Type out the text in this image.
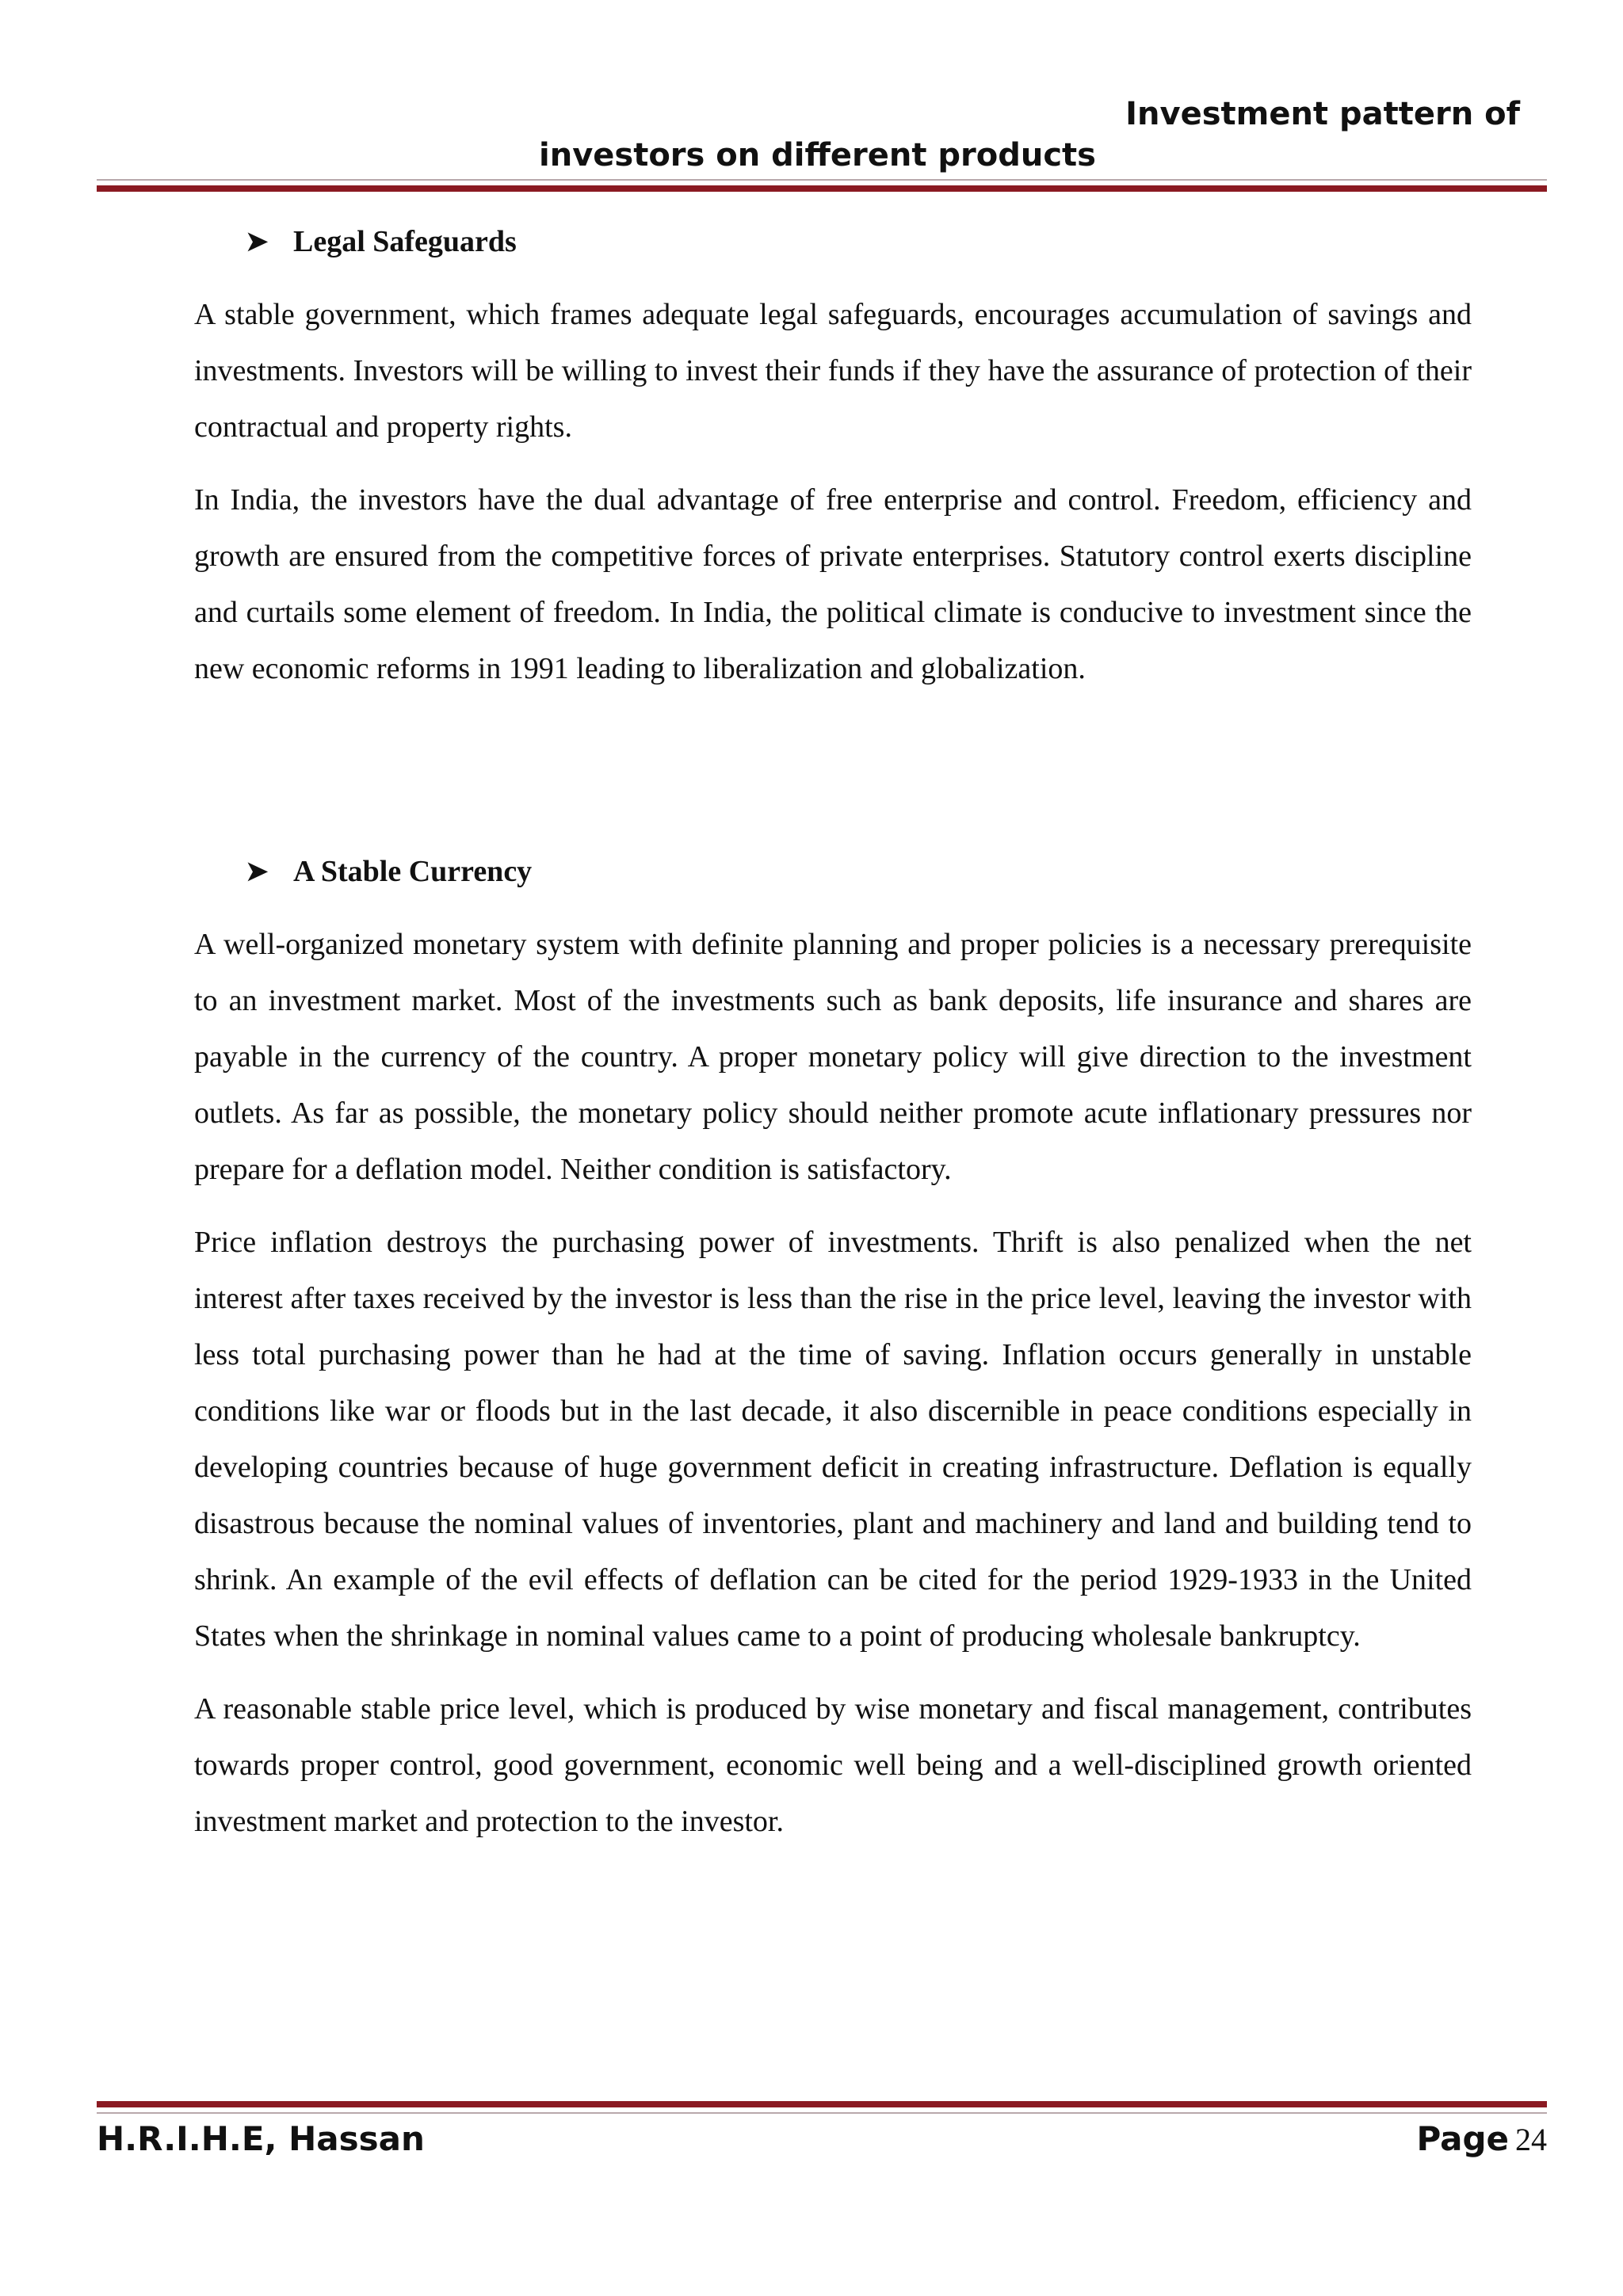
Investment pattern of
investors on different products
➤ Legal Safeguards

A stable government, which frames adequate legal safeguards, encourages accumulation of savings and investments. Investors will be willing to invest their funds if they have the assurance of protection of their contractual and property rights.

In India, the investors have the dual advantage of free enterprise and control. Freedom, efficiency and growth are ensured from the competitive forces of private enterprises. Statutory control exerts discipline and curtails some element of freedom. In India, the political climate is conducive to investment since the new economic reforms in 1991 leading to liberalization and globalization.

➤ A Stable Currency

A well-organized monetary system with definite planning and proper policies is a necessary prerequisite to an investment market. Most of the investments such as bank deposits, life insurance and shares are payable in the currency of the country. A proper monetary policy will give direction to the investment outlets. As far as possible, the monetary policy should neither promote acute inflationary pressures nor prepare for a deflation model. Neither condition is satisfactory.

Price inflation destroys the purchasing power of investments. Thrift is also penalized when the net interest after taxes received by the investor is less than the rise in the price level, leaving the investor with less total purchasing power than he had at the time of saving. Inflation occurs generally in unstable conditions like war or floods but in the last decade, it also discernible in peace conditions especially in developing countries because of huge government deficit in creating infrastructure. Deflation is equally disastrous because the nominal values of inventories, plant and machinery and land and building tend to shrink. An example of the evil effects of deflation can be cited for the period 1929-1933 in the United States when the shrinkage in nominal values came to a point of producing wholesale bankruptcy.

A reasonable stable price level, which is produced by wise monetary and fiscal management, contributes towards proper control, good government, economic well being and a well-disciplined growth oriented investment market and protection to the investor.

H.R.I.H.E, Hassan	Page 24
